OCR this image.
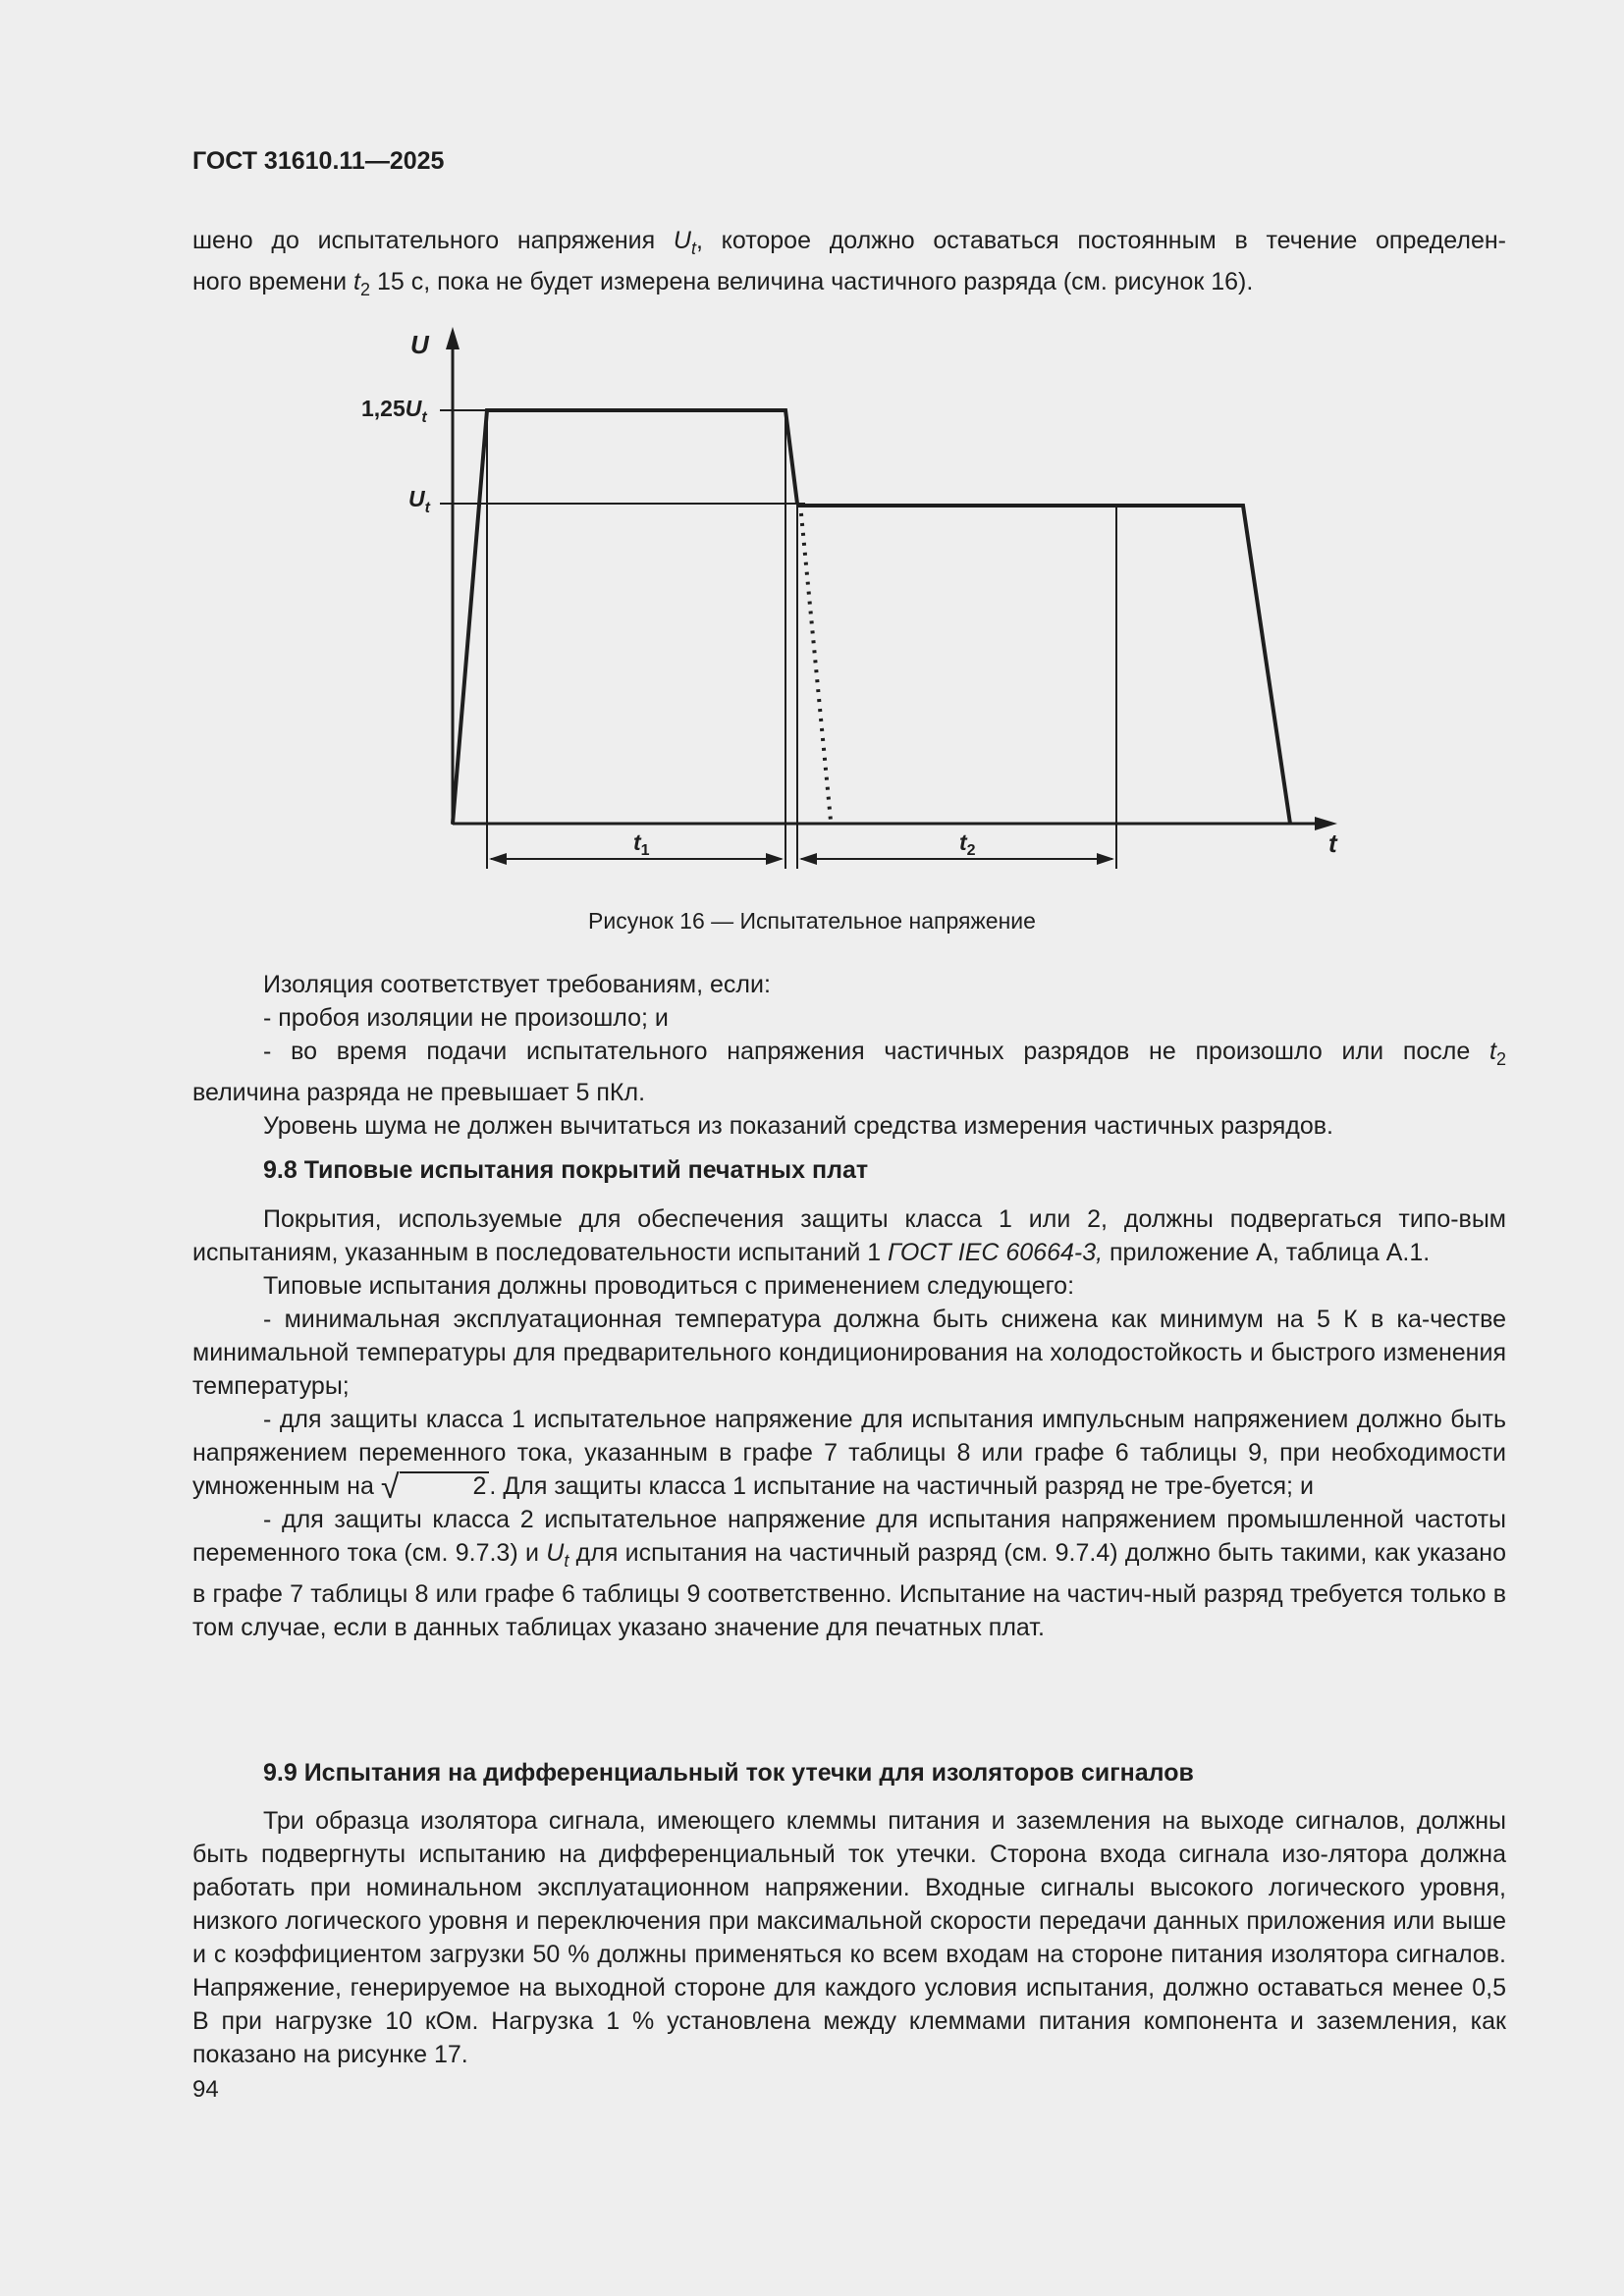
ГОСТ 31610.11—2025

шено до испытательного напряжения $U_t$, которое должно оставаться постоянным в течение определен-

ного времени $t_2$ 15 с, пока не будет измерена величина частичного разряда (см. рисунок 16).

U
t
$1,25U_t$
$U_t$
$t_1$	$t_2$
Рисунок 16 — Испытательное напряжение

Изоляция соответствует требованиям, если:

- пробоя изоляции не произошло; и

- во время подачи испытательного напряжения частичных разрядов не произошло или после $t_2$

величина разряда не превышает 5 пКл.

Уровень шума не должен вычитаться из показаний средства измерения частичных разрядов.

9.8 Типовые испытания покрытий печатных плат

Покрытия, используемые для обеспечения защиты класса 1 или 2, должны подвергаться типо-вым испытаниям, указанным в последовательности испытаний 1 ГОСТ IEC 60664-3, приложение А, таблица А.1.

Типовые испытания должны проводиться с применением следующего:

- минимальная эксплуатационная температура должна быть снижена как минимум на 5 К в ка-честве минимальной температуры для предварительного кондиционирования на холодостойкость и быстрого изменения температуры;

- для защиты класса 1 испытательное напряжение для испытания импульсным напряжением должно быть напряжением переменного тока, указанным в графе 7 таблицы 8 или графе 6 таблицы 9, при необходимости умноженным на √	2 . Для защиты класса 1 испытание на частичный разряд не тре-буется; и

- для защиты класса 2 испытательное напряжение для испытания напряжением промышленной частоты переменного тока (см. 9.7.3) и $U_t$ для испытания на частичный разряд (см. 9.7.4) должно быть такими, как указано в графе 7 таблицы 8 или графе 6 таблицы 9 соответственно. Испытание на частич-ный разряд требуется только в том случае, если в данных таблицах указано значение для печатных плат.

9.9 Испытания на дифференциальный ток утечки для изоляторов сигналов

Три образца изолятора сигнала, имеющего клеммы питания и заземления на выходе сигналов, должны быть подвергнуты испытанию на дифференциальный ток утечки. Сторона входа сигнала изо-лятора должна работать при номинальном эксплуатационном напряжении. Входные сигналы высокого логического уровня, низкого логического уровня и переключения при максимальной скорости передачи данных приложения или выше и с коэффициентом загрузки 50 % должны применяться ко всем входам на стороне питания изолятора сигналов. Напряжение, генерируемое на выходной стороне для каждого условия испытания, должно оставаться менее 0,5 В при нагрузке 10 кОм. Нагрузка 1 % установлена между клеммами питания компонента и заземления, как показано на рисунке 17.

94
